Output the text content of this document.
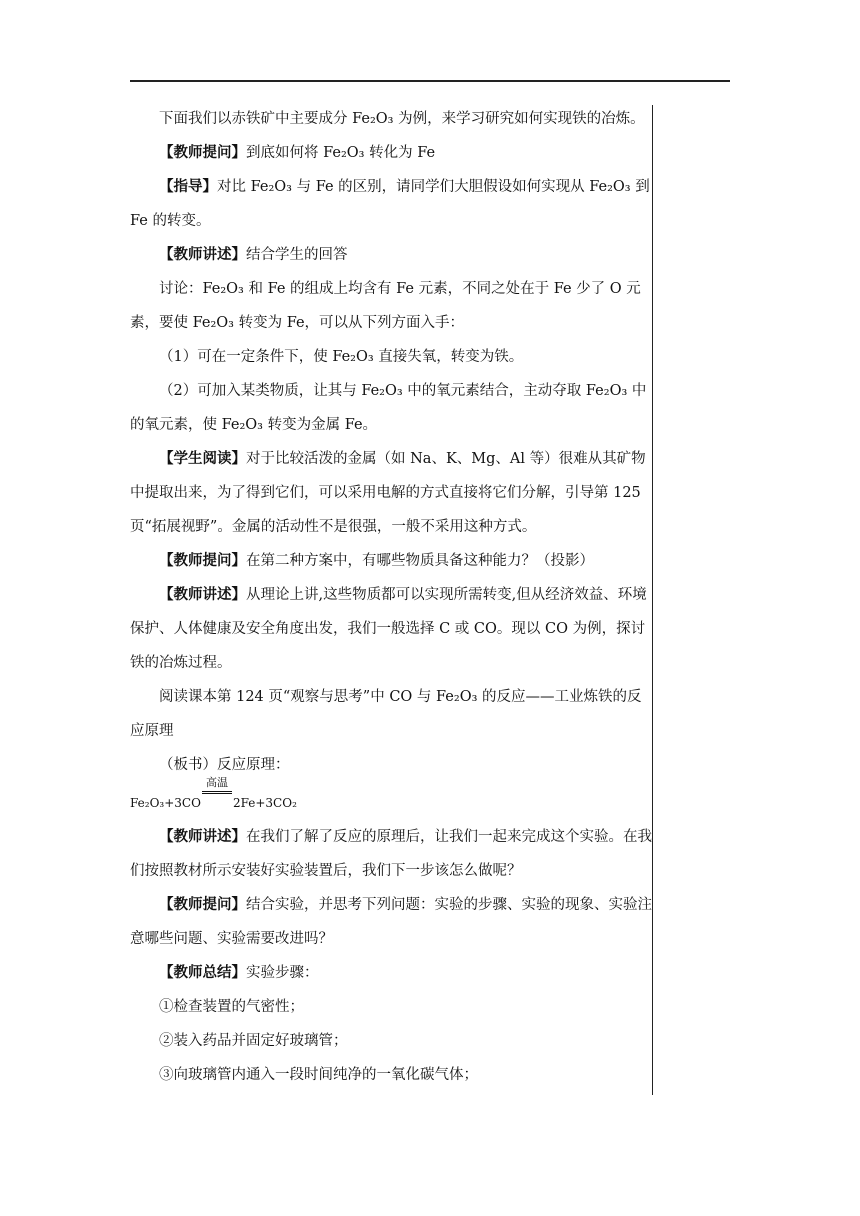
下面我们以赤铁矿中主要成分 Fe₂O₃ 为例，来学习研究如何实现铁的冶炼。

【教师提问】到底如何将 Fe₂O₃ 转化为 Fe

【指导】对比 Fe₂O₃ 与 Fe 的区别，请同学们大胆假设如何实现从 Fe₂O₃ 到 Fe 的转变。

【教师讲述】结合学生的回答

讨论：Fe₂O₃ 和 Fe 的组成上均含有 Fe 元素，不同之处在于 Fe 少了 O 元素，要使 Fe₂O₃ 转变为 Fe，可以从下列方面入手：

（1）可在一定条件下，使 Fe₂O₃ 直接失氧，转变为铁。

（2）可加入某类物质，让其与 Fe₂O₃ 中的氧元素结合，主动夺取 Fe₂O₃ 中的氧元素，使 Fe₂O₃ 转变为金属 Fe。

【学生阅读】对于比较活泼的金属（如 Na、K、Mg、Al 等）很难从其矿物中提取出来，为了得到它们，可以采用电解的方式直接将它们分解，引导第 125 页“拓展视野”。金属的活动性不是很强，一般不采用这种方式。

【教师提问】在第二种方案中，有哪些物质具备这种能力？（投影）

【教师讲述】从理论上讲,这些物质都可以实现所需转变,但从经济效益、环境保护、人体健康及安全角度出发，我们一般选择 C 或 CO。现以 CO 为例，探讨铁的冶炼过程。

阅读课本第 124 页“观察与思考”中 CO 与 Fe₂O₃ 的反应——工业炼铁的反应原理

（板书）反应原理：

Fe₂O₃+3CO
高温
2Fe+3CO₂

【教师讲述】在我们了解了反应的原理后，让我们一起来完成这个实验。在我们按照教材所示安装好实验装置后，我们下一步该怎么做呢？

【教师提问】结合实验，并思考下列问题：实验的步骤、实验的现象、实验注意哪些问题、实验需要改进吗？

【教师总结】实验步骤：

①检查装置的气密性；

②装入药品并固定好玻璃管；

③向玻璃管内通入一段时间纯净的一氧化碳气体；
